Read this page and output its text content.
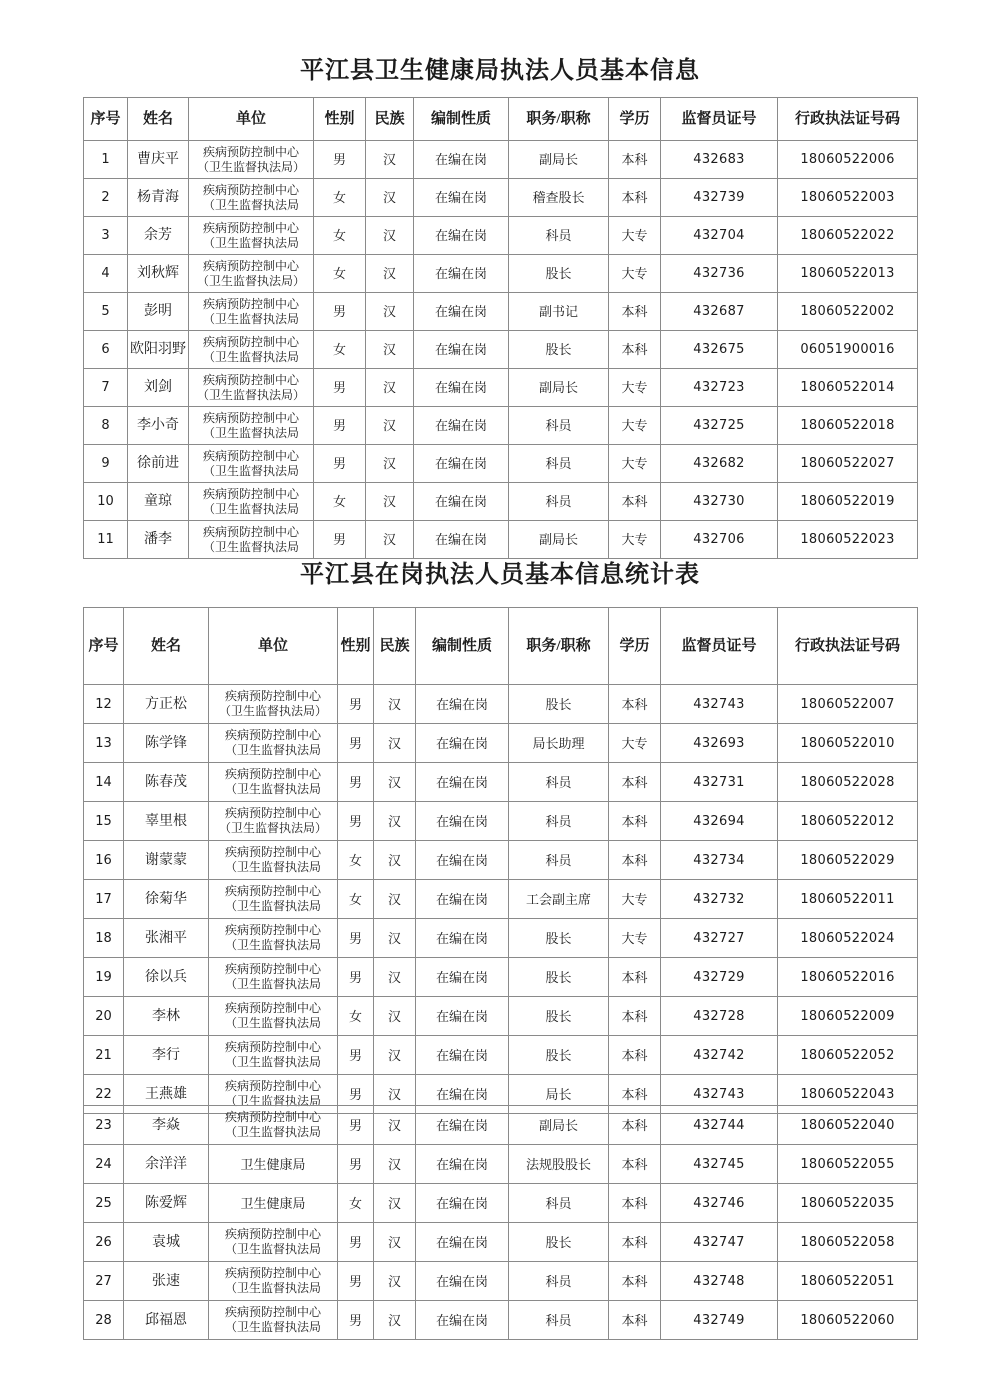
平江县卫生健康局执法人员基本信息
序号	姓名	单位	性别	民族	编制性质	职务/职称	学历	监督员证号	行政执法证号码
1	曹庆平	疾病预防控制中心
（卫生监督执法局）	男	汉	在编在岗	副局长	本科	432683	18060522006
2	杨青海	疾病预防控制中心
（卫生监督执法局	女	汉	在编在岗	稽查股长	本科	432739	18060522003
3	余芳	疾病预防控制中心
（卫生监督执法局	女	汉	在编在岗	科员	大专	432704	18060522022
4	刘秋辉	疾病预防控制中心
（卫生监督执法局）	女	汉	在编在岗	股长	大专	432736	18060522013
5	彭明	疾病预防控制中心
（卫生监督执法局	男	汉	在编在岗	副书记	本科	432687	18060522002
6	欧阳羽野	疾病预防控制中心
（卫生监督执法局	女	汉	在编在岗	股长	本科	432675	06051900016
7	刘剑	疾病预防控制中心
（卫生监督执法局）	男	汉	在编在岗	副局长	大专	432723	18060522014
8	李小奇	疾病预防控制中心
（卫生监督执法局	男	汉	在编在岗	科员	大专	432725	18060522018
9	徐前进	疾病预防控制中心
（卫生监督执法局	男	汉	在编在岗	科员	大专	432682	18060522027
10	童琼	疾病预防控制中心
（卫生监督执法局	女	汉	在编在岗	科员	本科	432730	18060522019
11	潘李	疾病预防控制中心
（卫生监督执法局	男	汉	在编在岗	副局长	大专	432706	18060522023
平江县在岗执法人员基本信息统计表
序号	姓名	单位	性别	民族	编制性质	职务/职称	学历	监督员证号	行政执法证号码
12	方正松	疾病预防控制中心
（卫生监督执法局）	男	汉	在编在岗	股长	本科	432743	18060522007
13	陈学锋	疾病预防控制中心
（卫生监督执法局	男	汉	在编在岗	局长助理	大专	432693	18060522010
14	陈春茂	疾病预防控制中心
（卫生监督执法局	男	汉	在编在岗	科员	本科	432731	18060522028
15	辜里根	疾病预防控制中心
（卫生监督执法局）	男	汉	在编在岗	科员	本科	432694	18060522012
16	谢蒙蒙	疾病预防控制中心
（卫生监督执法局	女	汉	在编在岗	科员	本科	432734	18060522029
17	徐菊华	疾病预防控制中心
（卫生监督执法局	女	汉	在编在岗	工会副主席	大专	432732	18060522011
18	张湘平	疾病预防控制中心
（卫生监督执法局	男	汉	在编在岗	股长	大专	432727	18060522024
19	徐以兵	疾病预防控制中心
（卫生监督执法局	男	汉	在编在岗	股长	本科	432729	18060522016
20	李林	疾病预防控制中心
（卫生监督执法局	女	汉	在编在岗	股长	本科	432728	18060522009
21	李行	疾病预防控制中心
（卫生监督执法局	男	汉	在编在岗	股长	本科	432742	18060522052
22	王燕雄	疾病预防控制中心
（卫生监督执法局	男	汉	在编在岗	局长	本科	432743	18060522043
23	李焱	疾病预防控制中心
（卫生监督执法局	男	汉	在编在岗	副局长	本科	432744	18060522040
24	余洋洋	卫生健康局	男	汉	在编在岗	法规股股长	本科	432745	18060522055
25	陈爱辉	卫生健康局	女	汉	在编在岗	科员	本科	432746	18060522035
26	袁城	疾病预防控制中心
（卫生监督执法局	男	汉	在编在岗	股长	本科	432747	18060522058
27	张速	疾病预防控制中心
（卫生监督执法局	男	汉	在编在岗	科员	本科	432748	18060522051
28	邱福恩	疾病预防控制中心
（卫生监督执法局	男	汉	在编在岗	科员	本科	432749	18060522060
